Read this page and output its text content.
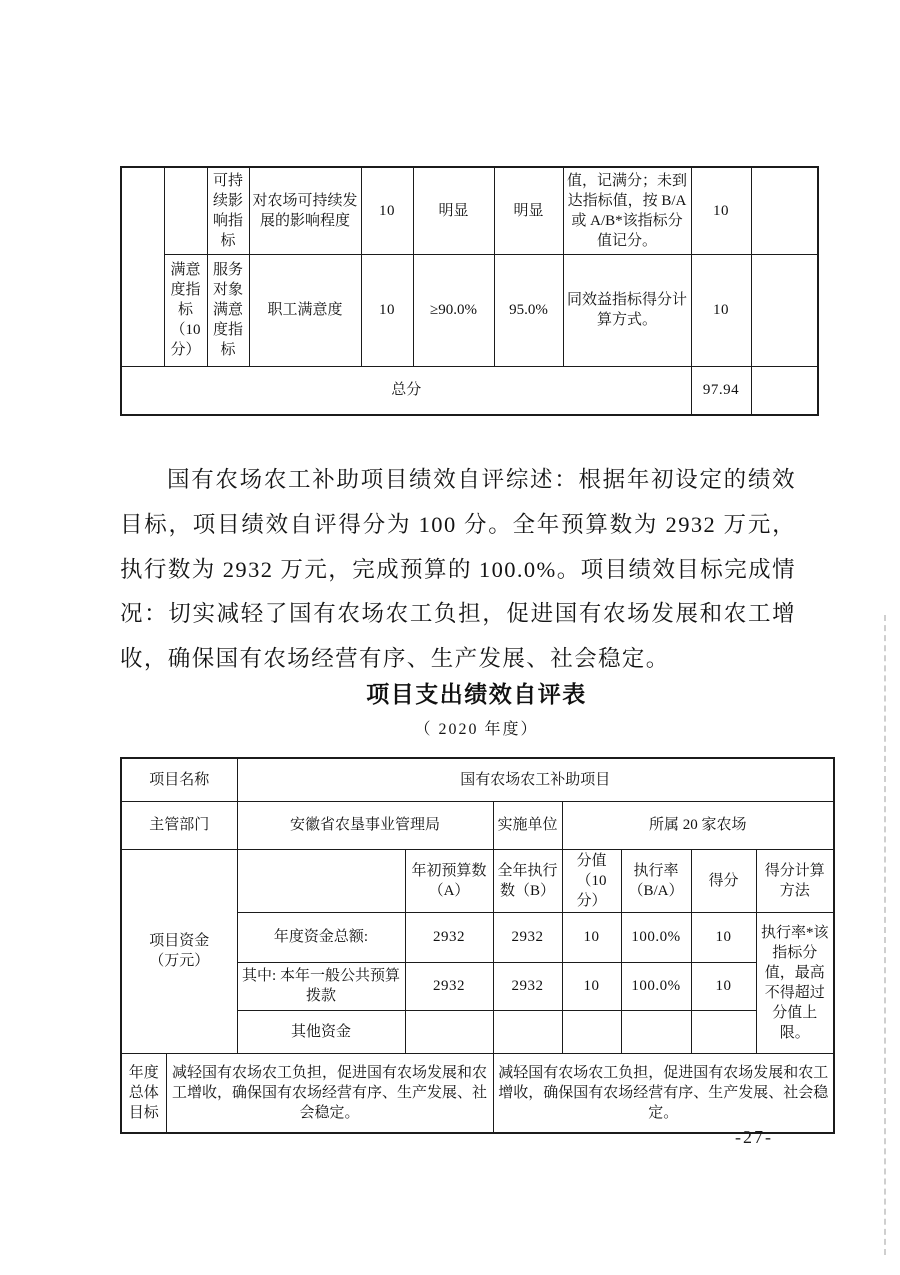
		可持续影响指标	对农场可持续发展的影响程度	10	明显	明显	值，记满分；未到达指标值，按 B/A 或 A/B*该指标分值记分。	10	
	满意度指标（10分）	服务对象满意度指标	职工满意度	10	≥90.0%	95.0%	同效益指标得分计算方式。	10	
总分								97.94	
国有农场农工补助项目绩效自评综述：根据年初设定的绩效目标，项目绩效自评得分为 100 分。全年预算数为 2932 万元，执行数为 2932 万元，完成预算的 100.0%。项目绩效目标完成情况：切实减轻了国有农场农工负担，促进国有农场发展和农工增收，确保国有农场经营有序、生产发展、社会稳定。
项目支出绩效自评表
（ 2020 年度）
项目名称		国有农场农工补助项目						
主管部门		安徽省农垦事业管理局		实施单位	所属 20 家农场			
项目资金（万元）			年初预算数（A）	全年执行数（B）	分值（10分）	执行率（B/A）	得分	得分计算方法
		年度资金总额:	2932	2932	10	100.0%	10	执行率*该指标分值，最高不得超过分值上限。
		其中: 本年一般公共预算拨款	2932	2932	10	100.0%	10	
		其他资金						
年度总体目标	减轻国有农场农工负担，促进国有农场发展和农工增收，确保国有农场经营有序、生产发展、社会稳定。			减轻国有农场农工负担，促进国有农场发展和农工增收，确保国有农场经营有序、生产发展、社会稳定。				
-27-
